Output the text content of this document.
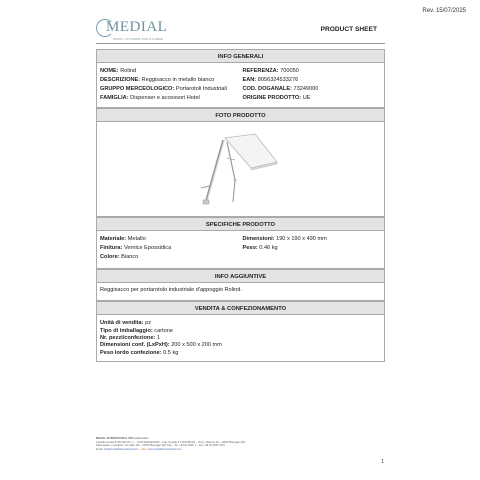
Rev. 15/07/2025
MEDIAL
SUPPLY SYSTEMS FOR HYGIENE
PRODUCT SHEET
INFO GENERALI
NOME: Rolind	REFERENZA: 700050
DESCRIZIONE: Reggisacco in metallo bianco	EAN: 8056324533276
GRUPPO MERCEOLOGICO: Portarotoli Industriali	COD. DOGANALE: 73249000
FAMIGLIA: Dispenser e accessori Hotel	ORIGINE PRODOTTO: UE
FOTO PRODOTTO
SPECIFICHE PRODOTTO
Materiale: Metallo	Dimensioni: 190 x 190 x 490 mm
Finitura: Vernice Epossidica	Peso: 0.46 kg
Colore: Bianco
INFO AGGIUNTIVE
Reggisacco per portarotolo industriale d'appoggio Rolind.
VENDITA & CONFEZIONAMENTO
Unità di vendita: pz
Tipo di imballaggio: cartone
Nr. pezzi/confezione: 1
Dimensioni conf. (LxPxH): 200 x 500 x 200 mm
Peso lordo confezione: 0.5 kg
MEDIAL INTERNATIONAL SPA socio unico
Capitale sociale € 500.000,00 i.v. – P.IVA 06226291003 – Cap. Sociale € 2.300.000,00 – Via G. Marconi 30 – 20010 Bareggio (MI)
Sede legale e operativa: Via Italia 100 – 20010 Bareggio (MI) Italy – Tel. +39 02 9035 1 – Fax +39 02 9035 7901
Email: info@medialinternational.com – Web: www.medialinternational.com
1
